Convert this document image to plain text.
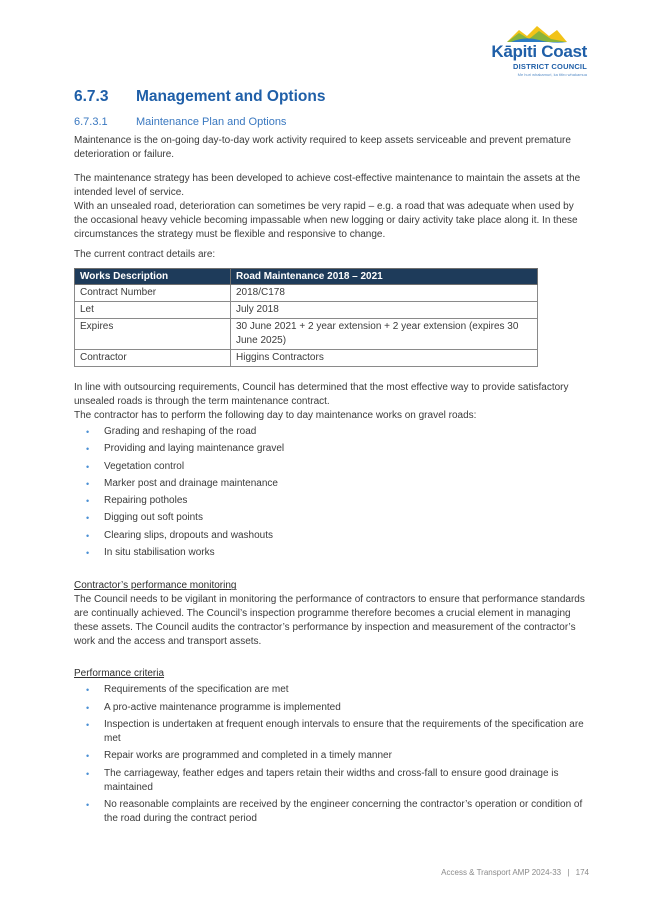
Kāpiti Coast
DISTRICT COUNCIL
Me huri whakamuri, ka titiro whakamua
6.7.3	Management and Options
6.7.3.1	Maintenance Plan and Options

Maintenance is the on-going day-to-day work activity required to keep assets serviceable and prevent premature deterioration or failure.

The maintenance strategy has been developed to achieve cost-effective maintenance to maintain the assets at the intended level of service.

With an unsealed road, deterioration can sometimes be very rapid – e.g. a road that was adequate when used by the occasional heavy vehicle becoming impassable when new logging or dairy activity take place along it. In these circumstances the strategy must be flexible and responsive to change.

The current contract details are:

Works Description	Road Maintenance 2018 – 2021
Contract Number	2018/C178
Let	July 2018
Expires	30 June 2021 + 2 year extension + 2 year extension (expires 30 June 2025)
Contractor	Higgins Contractors

In line with outsourcing requirements, Council has determined that the most effective way to provide satisfactory unsealed roads is through the term maintenance contract.

The contractor has to perform the following day to day maintenance works on gravel roads:

• Grading and reshaping of the road
• Providing and laying maintenance gravel
• Vegetation control
• Marker post and drainage maintenance
• Repairing potholes
• Digging out soft points
• Clearing slips, dropouts and washouts
• In situ stabilisation works

Contractor’s performance monitoring

The Council needs to be vigilant in monitoring the performance of contractors to ensure that performance standards are continually achieved. The Council’s inspection programme therefore becomes a crucial element in managing these assets. The Council audits the contractor’s performance by inspection and measurement of the contractor’s work and the access and transport assets.

Performance criteria

• Requirements of the specification are met
• A pro-active maintenance programme is implemented
• Inspection is undertaken at frequent enough intervals to ensure that the requirements of the specification are met
• Repair works are programmed and completed in a timely manner
• The carriageway, feather edges and tapers retain their widths and cross-fall to ensure good drainage is maintained
• No reasonable complaints are received by the engineer concerning the contractor’s operation or condition of the road during the contract period
Access & Transport AMP 2024-33 | 174
